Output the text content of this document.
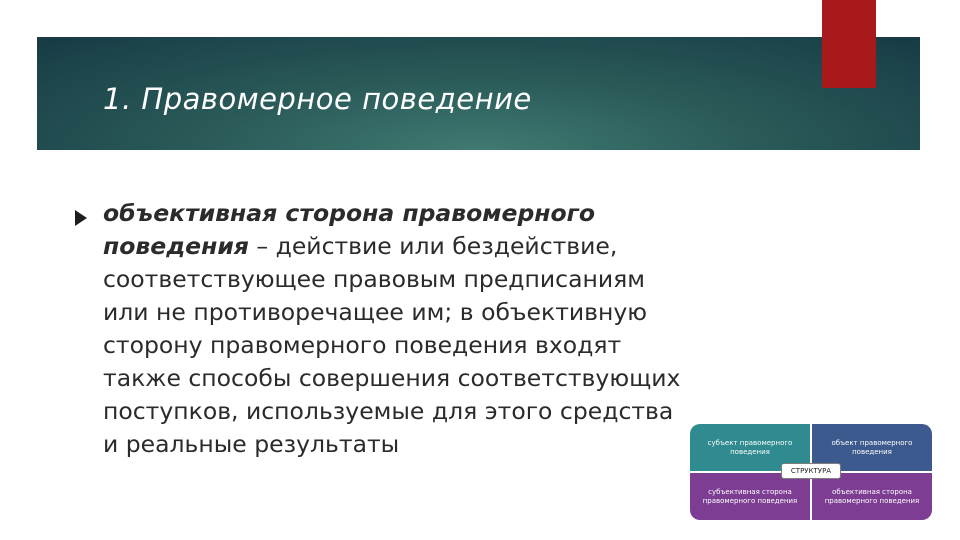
1. Правомерное поведение

объективная сторона правомерного поведения – действие или бездействие, соответствующее правовым предписаниям или не противоречащее им; в объективную сторону правомерного поведения входят также способы совершения соответствующих поступков, используемые для этого средства и реальные результаты	субъект правомерного поведения
объект правомерного поведения
субъективная сторона правомерного поведения
объективная сторона правомерного поведения
СТРУКТУРА
